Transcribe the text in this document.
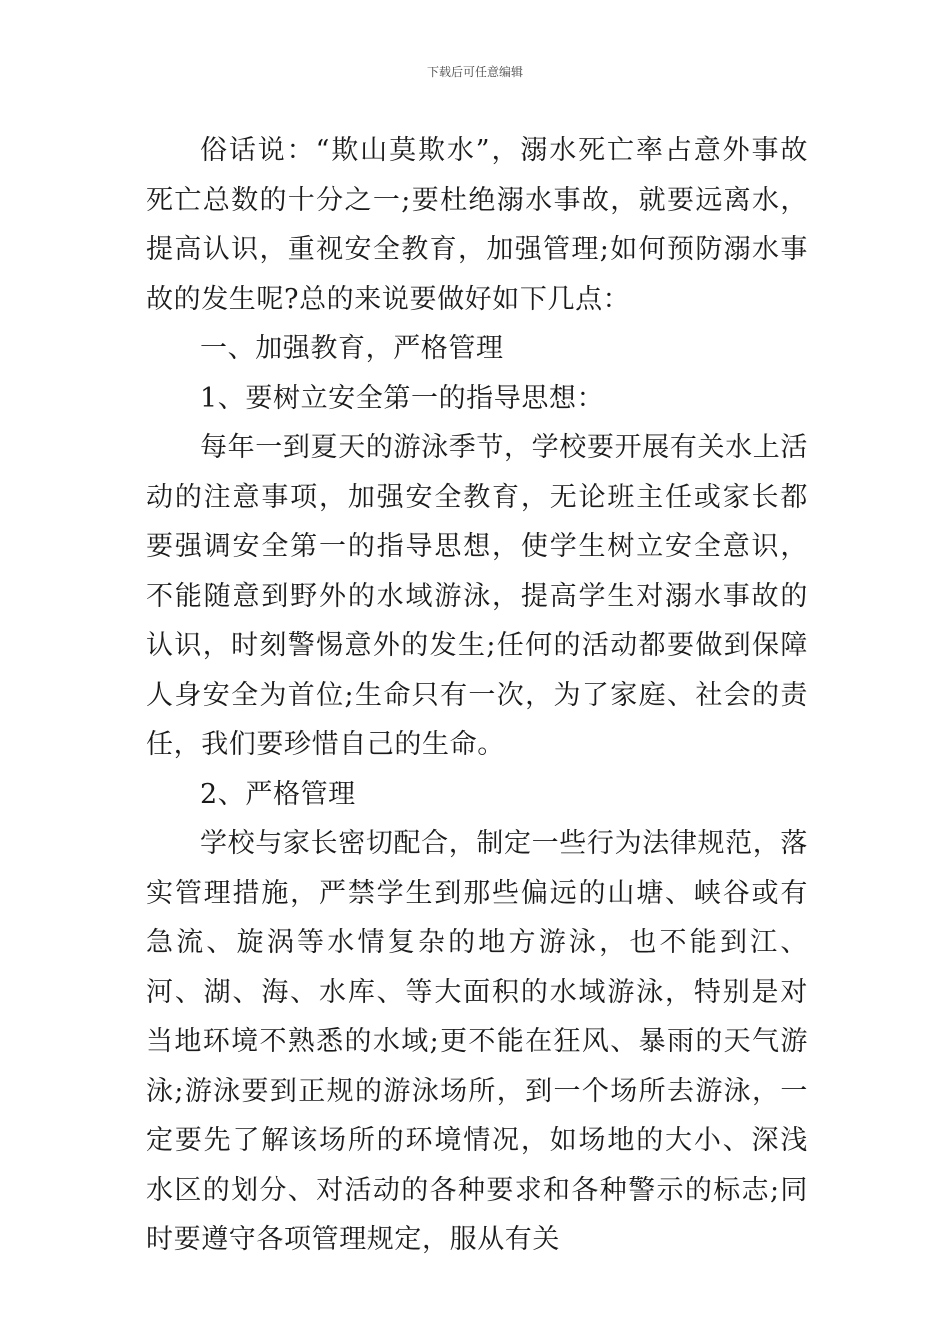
下载后可任意编辑

俗话说：“欺山莫欺水”，溺水死亡率占意外事故死亡总数的十分之一;要杜绝溺水事故，就要远离水，提高认识，重视安全教育，加强管理;如何预防溺水事故的发生呢?总的来说要做好如下几点：

一、加强教育，严格管理

1、要树立安全第一的指导思想：

每年一到夏天的游泳季节，学校要开展有关水上活动的注意事项，加强安全教育，无论班主任或家长都要强调安全第一的指导思想，使学生树立安全意识，不能随意到野外的水域游泳，提高学生对溺水事故的认识，时刻警惕意外的发生;任何的活动都要做到保障人身安全为首位;生命只有一次，为了家庭、社会的责任，我们要珍惜自己的生命。

2、严格管理

学校与家长密切配合，制定一些行为法律规范，落实管理措施，严禁学生到那些偏远的山塘、峡谷或有急流、旋涡等水情复杂的地方游泳，也不能到江、河、湖、海、水库、等大面积的水域游泳，特别是对当地环境不熟悉的水域;更不能在狂风、暴雨的天气游泳;游泳要到正规的游泳场所，到一个场所去游泳，一定要先了解该场所的环境情况，如场地的大小、深浅水区的划分、对活动的各种要求和各种警示的标志;同时要遵守各项管理规定，服从有关
